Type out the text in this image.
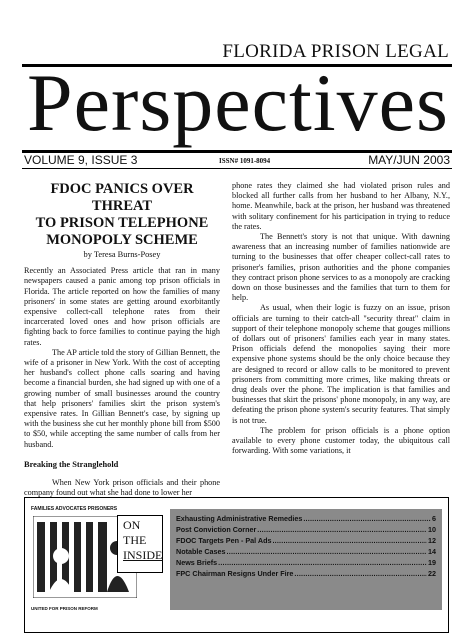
FLORIDA PRISON LEGAL
Perspectives
VOLUME 9, ISSUE 3	ISSN# 1091-8094	MAY/JUN 2003
FDOC PANICS OVER THREAT
TO PRISON TELEPHONE
MONOPOLY SCHEME
by Teresa Burns-Posey

Recently an Associated Press article that ran in many newspapers caused a panic among top prison officials in Florida. The article reported on how the families of many prisoners' in some states are getting around exorbitantly expensive collect-call telephone rates from their incarcerated loved ones and how prison officials are fighting back to force families to continue paying the high rates.

The AP article told the story of Gillian Bennett, the wife of a prisoner in New York. With the cost of accepting her husband's collect phone calls soaring and having become a financial burden, she had signed up with one of a growing number of small businesses around the country that help prisoners' families skirt the prison system's expensive rates. In Gillian Bennett's case, by signing up with the business she cut her monthly phone bill from $500 to $50, while accepting the same number of calls from her husband.

Breaking the Stranglehold

When New York prison officials and their phone company found out what she had done to lower her

phone rates they claimed she had violated prison rules and blocked all further calls from her husband to her Albany, N.Y., home. Meanwhile, back at the prison, her husband was threatened with solitary confinement for his participation in trying to reduce the rates.

The Bennett's story is not that unique. With dawning awareness that an increasing number of families nationwide are turning to the businesses that offer cheaper collect-call rates to prisoner's families, prison authorities and the phone companies they contract prison phone services to as a monopoly are cracking down on those businesses and the families that turn to them for help.

As usual, when their logic is fuzzy on an issue, prison officials are turning to their catch-all "security threat" claim in support of their telephone monopoly scheme that gouges millions of dollars out of prisoners' families each year in many states. Prison officials defend the monopolies saying their more expensive phone systems should be the only choice because they are designed to record or allow calls to be monitored to prevent prisoners from committing more crimes, like making threats or drug deals over the phone. The implication is that families and businesses that skirt the prisons' phone monopoly, in any way, are defeating the prison phone system's security features. That simply is not true.

The problem for prison officials is a phone option available to every phone customer today, the ubiquitous call forwarding. With some variations, it

FAMILIES ADVOCATES PRISONERS
UNITED FOR PRISON REFORM
ON
THE
INSIDE
Exhausting Administrative Remedies .....	6
Post Conviction Corner .....	10
FDOC Targets Pen - Pal Ads .....	12
Notable Cases .....	14
News Briefs .....	19
FPC Chairman Resigns Under Fire .....	22
